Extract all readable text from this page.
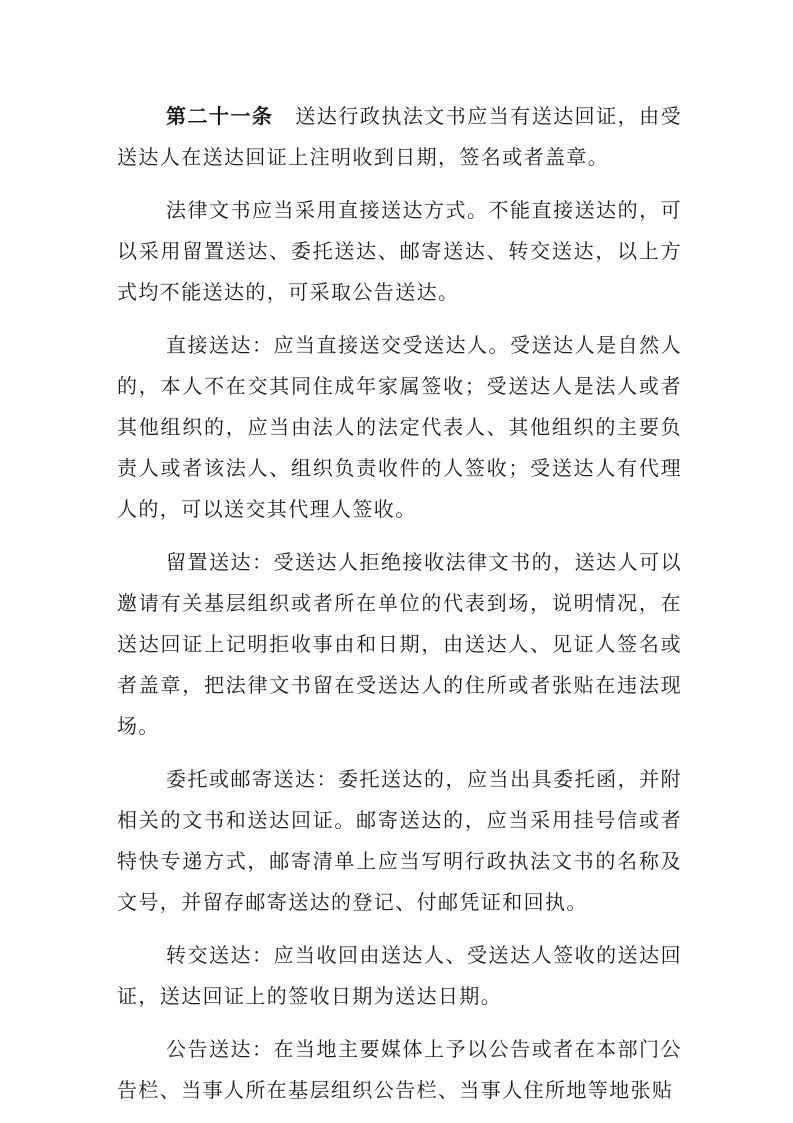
第二十一条 送达行政执法文书应当有送达回证，由受送达人在送达回证上注明收到日期，签名或者盖章。

法律文书应当采用直接送达方式。不能直接送达的，可以采用留置送达、委托送达、邮寄送达、转交送达，以上方式均不能送达的，可采取公告送达。

直接送达：应当直接送交受送达人。受送达人是自然人的，本人不在交其同住成年家属签收；受送达人是法人或者其他组织的，应当由法人的法定代表人、其他组织的主要负责人或者该法人、组织负责收件的人签收；受送达人有代理人的，可以送交其代理人签收。

留置送达：受送达人拒绝接收法律文书的，送达人可以邀请有关基层组织或者所在单位的代表到场，说明情况，在送达回证上记明拒收事由和日期，由送达人、见证人签名或者盖章，把法律文书留在受送达人的住所或者张贴在违法现场。

委托或邮寄送达：委托送达的，应当出具委托函，并附相关的文书和送达回证。邮寄送达的，应当采用挂号信或者特快专递方式，邮寄清单上应当写明行政执法文书的名称及文号，并留存邮寄送达的登记、付邮凭证和回执。

转交送达：应当收回由送达人、受送达人签收的送达回证，送达回证上的签收日期为送达日期。

公告送达：在当地主要媒体上予以公告或者在本部门公告栏、当事人所在基层组织公告栏、当事人住所地等地张贴
